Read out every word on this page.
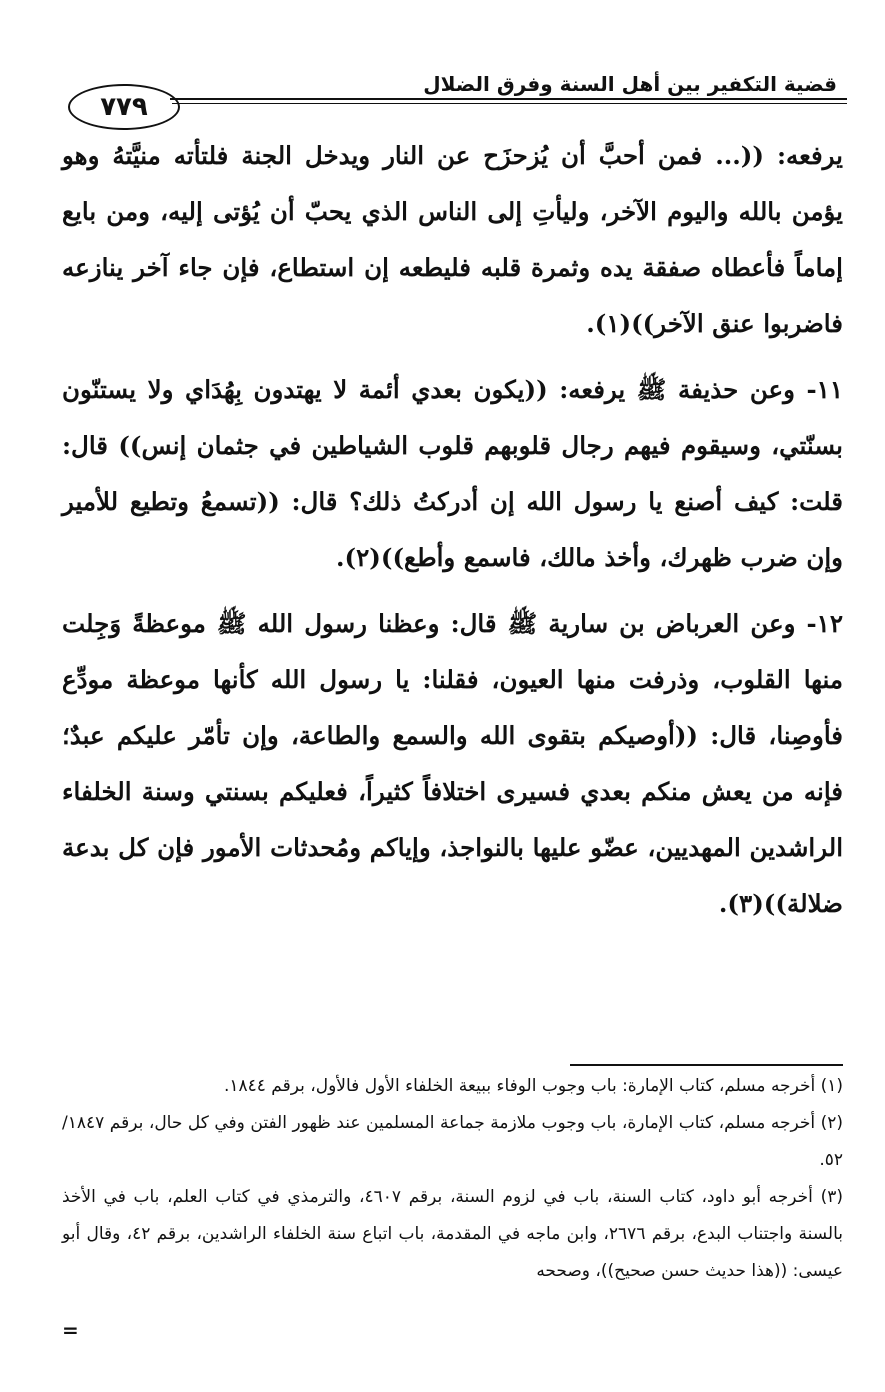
قضية التكفير بين أهل السنة وفرق الضلال
٧٧٩

يرفعه: ((... فمن أحبَّ أن يُزحزَح عن النار ويدخل الجنة فلتأته منيَّتهُ وهو يؤمن بالله واليوم الآخر، وليأتِ إلى الناس الذي يحبّ أن يُؤتى إليه، ومن بايع إماماً فأعطاه صفقة يده وثمرة قلبه فليطعه إن استطاع، فإن جاء آخر ينازعه فاضربوا عنق الآخر))(١).

١١- وعن حذيفة ﷺ يرفعه: ((يكون بعدي أئمة لا يهتدون بِهُدَاي ولا يستنّون بسنّتي، وسيقوم فيهم رجال قلوبهم قلوب الشياطين في جثمان إنس)) قال: قلت: كيف أصنع يا رسول الله إن أدركتُ ذلك؟ قال: ((تسمعُ وتطيع للأمير وإن ضرب ظهرك، وأخذ مالك، فاسمع وأطع))(٢).

١٢- وعن العرباض بن سارية ﷺ قال: وعظنا رسول الله ﷺ موعظةً وَجِلت منها القلوب، وذرفت منها العيون، فقلنا: يا رسول الله كأنها موعظة مودِّع فأوصِنا، قال: ((أوصيكم بتقوى الله والسمع والطاعة، وإن تأمّر عليكم عبدٌ؛ فإنه من يعش منكم بعدي فسيرى اختلافاً كثيراً، فعليكم بسنتي وسنة الخلفاء الراشدين المهديين، عضّو عليها بالنواجذ، وإياكم ومُحدثات الأمور فإن كل بدعة ضلالة))(٣).

(١) أخرجه مسلم، كتاب الإمارة: باب وجوب الوفاء ببيعة الخلفاء الأول فالأول، برقم ١٨٤٤.

(٢) أخرجه مسلم، كتاب الإمارة، باب وجوب ملازمة جماعة المسلمين عند ظهور الفتن وفي كل حال، برقم ١٨٤٧/ ٥٢.

(٣) أخرجه أبو داود، كتاب السنة، باب في لزوم السنة، برقم ٤٦٠٧، والترمذي في كتاب العلم، باب في الأخذ بالسنة واجتناب البدع، برقم ٢٦٧٦، وابن ماجه في المقدمة، باب اتباع سنة الخلفاء الراشدين، برقم ٤٢، وقال أبو عيسى: ((هذا حديث حسن صحيح))، وصححه

=
